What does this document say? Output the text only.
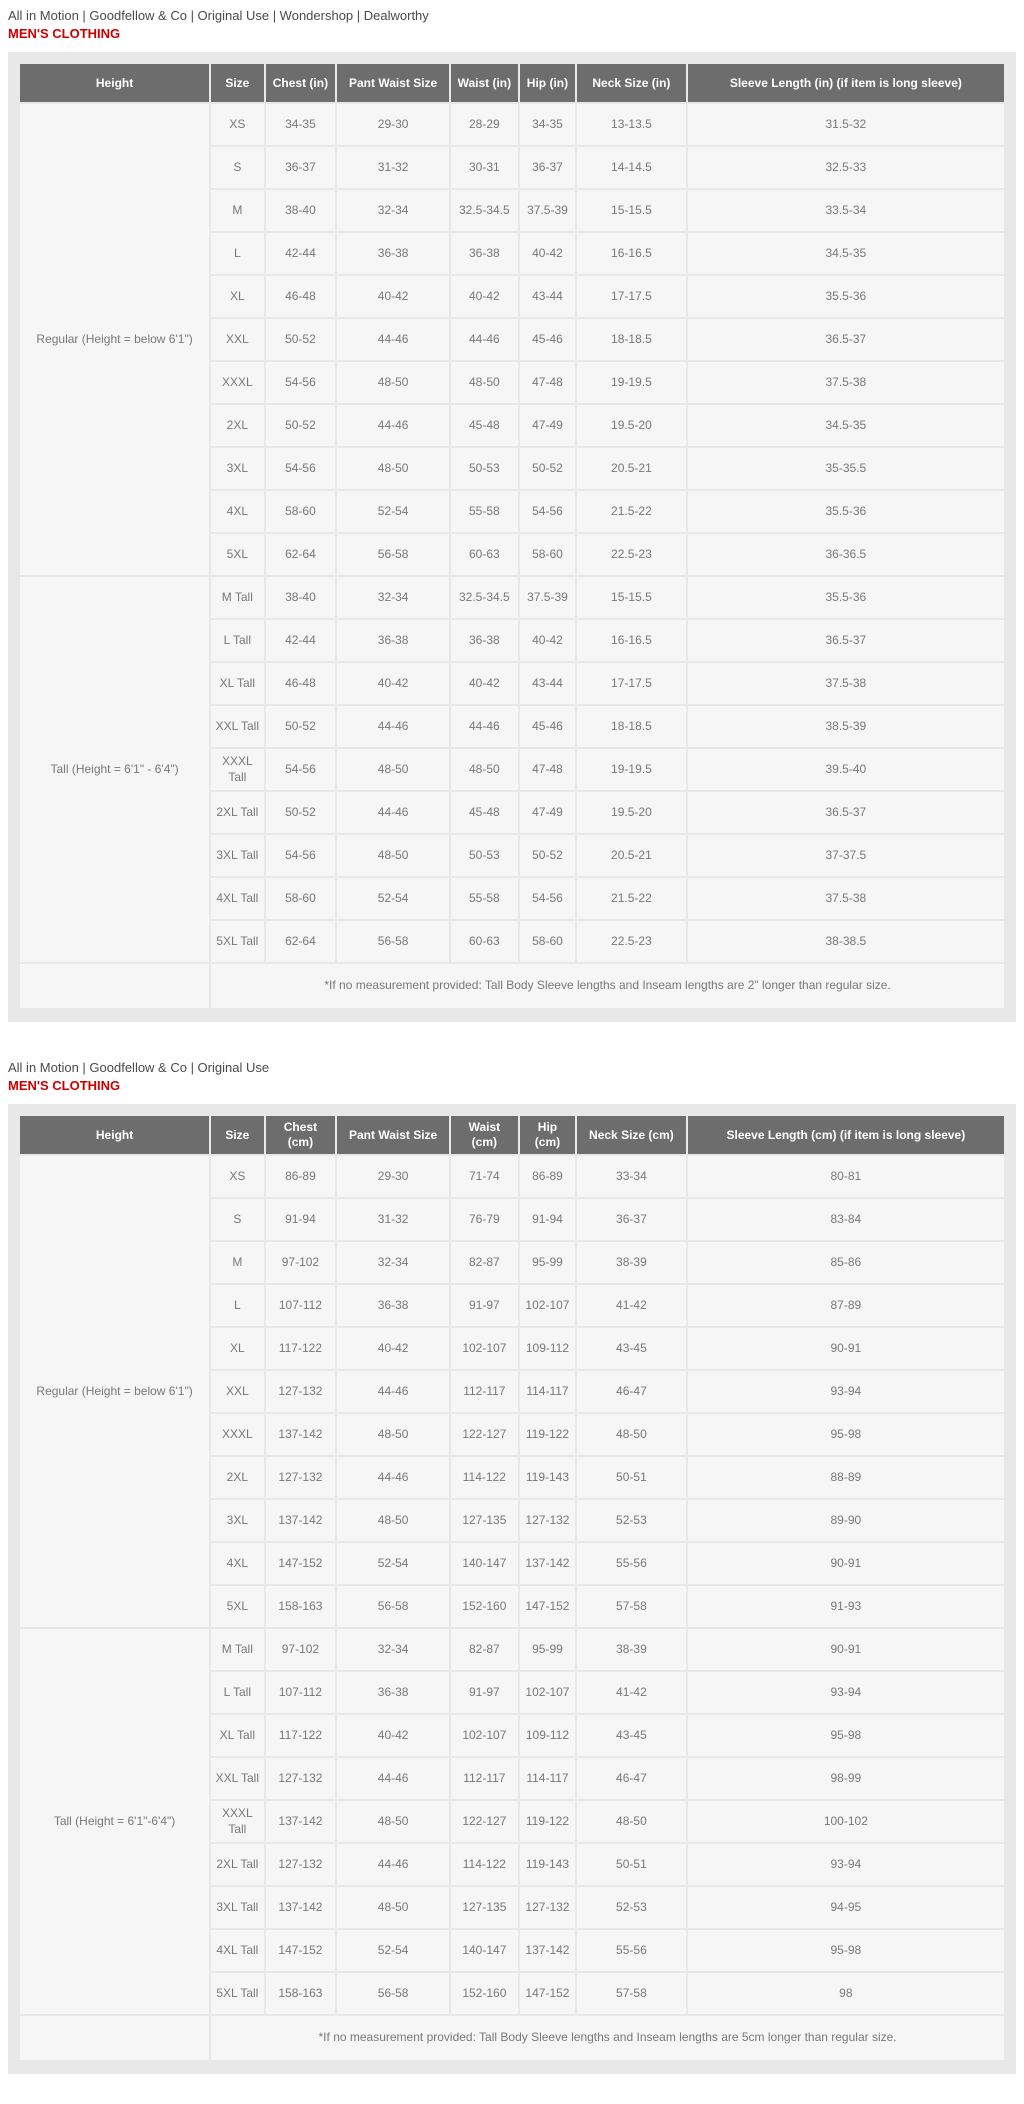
All in Motion | Goodfellow & Co | Original Use | Wondershop | Dealworthy

MEN'S CLOTHING

Height	Size	Chest (in)	Pant Waist Size	Waist (in)	Hip (in)	Neck Size (in)	Sleeve Length (in) (if item is long sleeve)
Regular (Height = below 6'1")	XS	34-35	29-30	28-29	34-35	13-13.5	31.5-32
	S	36-37	31-32	30-31	36-37	14-14.5	32.5-33
	M	38-40	32-34	32.5-34.5	37.5-39	15-15.5	33.5-34
	L	42-44	36-38	36-38	40-42	16-16.5	34.5-35
	XL	46-48	40-42	40-42	43-44	17-17.5	35.5-36
	XXL	50-52	44-46	44-46	45-46	18-18.5	36.5-37
	XXXL	54-56	48-50	48-50	47-48	19-19.5	37.5-38
	2XL	50-52	44-46	45-48	47-49	19.5-20	34.5-35
	3XL	54-56	48-50	50-53	50-52	20.5-21	35-35.5
	4XL	58-60	52-54	55-58	54-56	21.5-22	35.5-36
	5XL	62-64	56-58	60-63	58-60	22.5-23	36-36.5
Tall (Height = 6'1" - 6'4")	M Tall	38-40	32-34	32.5-34.5	37.5-39	15-15.5	35.5-36
	L Tall	42-44	36-38	36-38	40-42	16-16.5	36.5-37
	XL Tall	46-48	40-42	40-42	43-44	17-17.5	37.5-38
	XXL Tall	50-52	44-46	44-46	45-46	18-18.5	38.5-39
	XXXL Tall	54-56	48-50	48-50	47-48	19-19.5	39.5-40
	2XL Tall	50-52	44-46	45-48	47-49	19.5-20	36.5-37
	3XL Tall	54-56	48-50	50-53	50-52	20.5-21	37-37.5
	4XL Tall	58-60	52-54	55-58	54-56	21.5-22	37.5-38
	5XL Tall	62-64	56-58	60-63	58-60	22.5-23	38-38.5
	*If no measurement provided: Tall Body Sleeve lengths and Inseam lengths are 2" longer than regular size.						

All in Motion | Goodfellow & Co | Original Use

MEN'S CLOTHING

Height	Size	Chest (cm)	Pant Waist Size	Waist (cm)	Hip (cm)	Neck Size (cm)	Sleeve Length (cm) (if item is long sleeve)
Regular (Height = below 6'1")	XS	86-89	29-30	71-74	86-89	33-34	80-81
	S	91-94	31-32	76-79	91-94	36-37	83-84
	M	97-102	32-34	82-87	95-99	38-39	85-86
	L	107-112	36-38	91-97	102-107	41-42	87-89
	XL	117-122	40-42	102-107	109-112	43-45	90-91
	XXL	127-132	44-46	112-117	114-117	46-47	93-94
	XXXL	137-142	48-50	122-127	119-122	48-50	95-98
	2XL	127-132	44-46	114-122	119-143	50-51	88-89
	3XL	137-142	48-50	127-135	127-132	52-53	89-90
	4XL	147-152	52-54	140-147	137-142	55-56	90-91
	5XL	158-163	56-58	152-160	147-152	57-58	91-93
Tall (Height = 6'1"-6'4")	M Tall	97-102	32-34	82-87	95-99	38-39	90-91
	L Tall	107-112	36-38	91-97	102-107	41-42	93-94
	XL Tall	117-122	40-42	102-107	109-112	43-45	95-98
	XXL Tall	127-132	44-46	112-117	114-117	46-47	98-99
	XXXL Tall	137-142	48-50	122-127	119-122	48-50	100-102
	2XL Tall	127-132	44-46	114-122	119-143	50-51	93-94
	3XL Tall	137-142	48-50	127-135	127-132	52-53	94-95
	4XL Tall	147-152	52-54	140-147	137-142	55-56	95-98
	5XL Tall	158-163	56-58	152-160	147-152	57-58	98
	*If no measurement provided: Tall Body Sleeve lengths and Inseam lengths are 5cm longer than regular size.						
